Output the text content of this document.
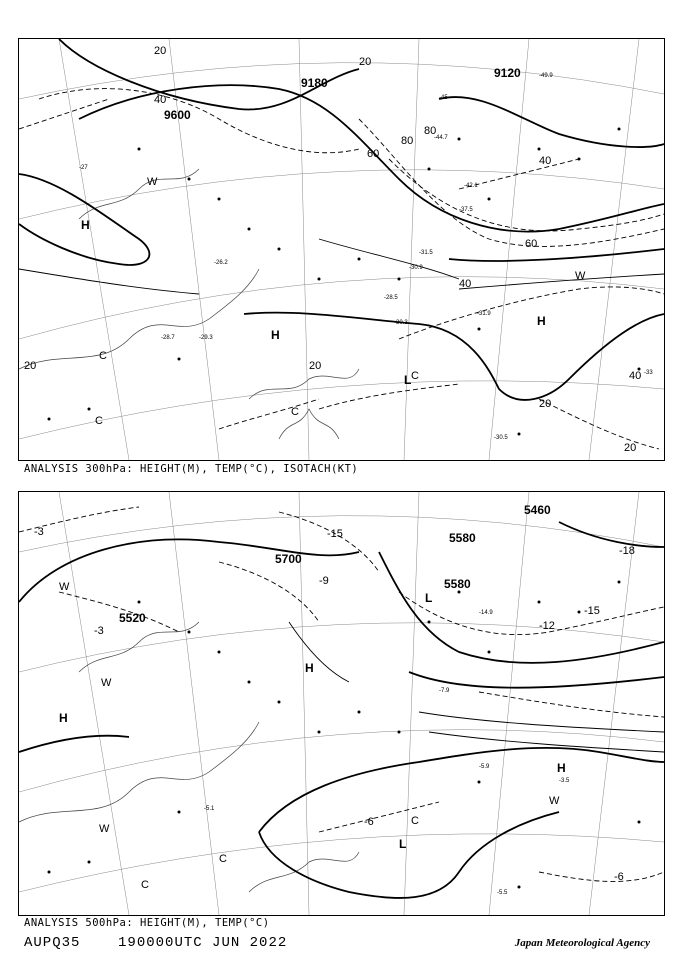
9600
9120
9180
20
40
60
80
80
60
40
20
20
20
40
20
40
20
-27
-29.3
-30.9
-31.5
-37.5
-42.1
-44.7
-45
-49.9
-30.5
-31.9
-28.5
-30.3
-26.2
-28.7
-33
H
H
H
L
C
C
C
W
W
C
ANALYSIS 300hPa: HEIGHT(M), TEMP(°C), ISOTACH(KT)
5700
5580
5460
5520
5580
-3	-15
-18
-15
-12
-6
-6
-9
-3
-5.9
-3.5
-5.5
-5.1
-7.9
-14.9
H
H
H
L
L
W
W
W
W
C
C
C
ANALYSIS 500hPa: HEIGHT(M), TEMP(°C)
AUPQ35	190000UTC JUN 2022	Japan Meteorological Agency
